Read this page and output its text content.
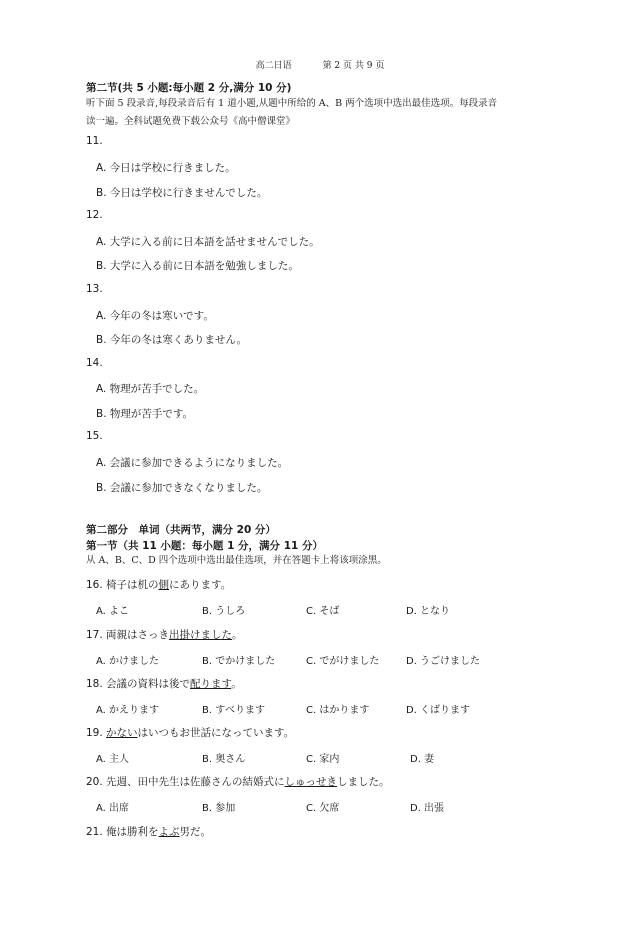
高二日语	第 2 页 共 9 页
第二节(共 5 小题:每小题 2 分,满分 10 分)
听下面 5 段录音,每段录音后有 1 道小题,从题中所给的 A、B 两个选项中选出最佳选项。每段录音
读一遍。全科试题免费下载公众号《高中僧课堂》
11.
A. 今日は学校に行きました。
B. 今日は学校に行きませんでした。
12.
A. 大学に入る前に日本語を話せませんでした。
B. 大学に入る前に日本語を勉強しました。
13.
A. 今年の冬は寒いです。
B. 今年の冬は寒くありません。
14.
A. 物理が苦手でした。
B. 物理が苦手です。
15.
A. 会議に参加できるようになりました。
B. 会議に参加できなくなりました。
第二部分　单词（共两节，满分 20 分）
第一节（共 11 小题：每小题 1 分，满分 11 分）
从 A、B、C、D 四个选项中选出最佳选项，并在答题卡上将该项涂黑。
16. 椅子は机の側にあります。
A. よこ	B. うしろ	C. そば	D. となり
17. 両親はさっき出掛けました。
A. かけました	B. でかけました	C. でがけました	D. うごけました
18. 会議の資料は後で配ります。
A. かえります	B. すべります	C. はかります	D. くばります
19. かないはいつもお世話になっています。
A. 主人	B. 奥さん	C. 家内	D. 妻
20. 先週、田中先生は佐藤さんの結婚式にしゅっせきしました。
A. 出席	B. 参加	C. 欠席	D. 出張
21. 俺は勝利をよぶ男だ。
